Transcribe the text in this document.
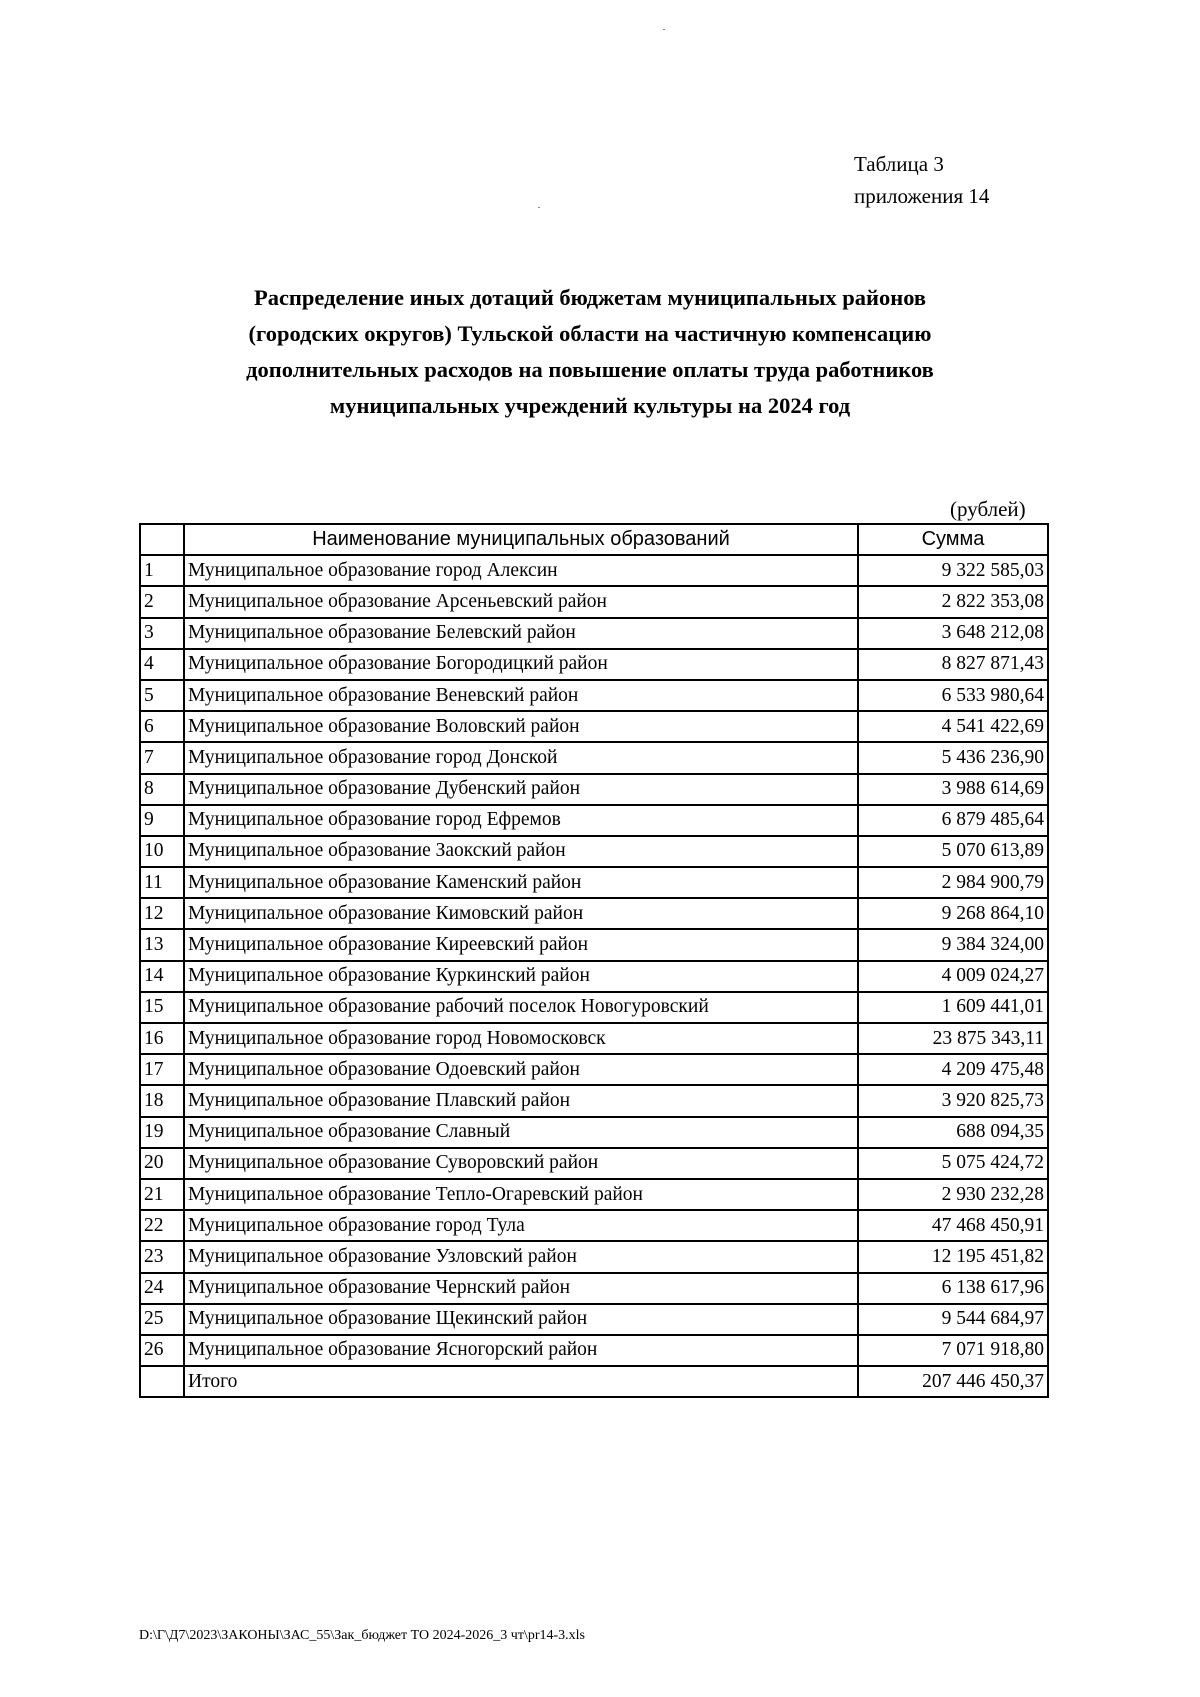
Таблица 3
приложения 14
Распределение иных дотаций бюджетам муниципальных районов
(городских округов) Тульской области на частичную компенсацию
дополнительных расходов на повышение оплаты труда работников
муниципальных учреждений культуры на 2024 год
(рублей)
	Наименование муниципальных образований	Сумма
1	Муниципальное образование город Алексин	9 322 585,03
2	Муниципальное образование Арсеньевский район	2 822 353,08
3	Муниципальное образование Белевский район	3 648 212,08
4	Муниципальное образование Богородицкий район	8 827 871,43
5	Муниципальное образование Веневский район	6 533 980,64
6	Муниципальное образование Воловский район	4 541 422,69
7	Муниципальное образование город Донской	5 436 236,90
8	Муниципальное образование Дубенский район	3 988 614,69
9	Муниципальное образование город Ефремов	6 879 485,64
10	Муниципальное образование Заокский район	5 070 613,89
11	Муниципальное образование Каменский район	2 984 900,79
12	Муниципальное образование Кимовский район	9 268 864,10
13	Муниципальное образование Киреевский район	9 384 324,00
14	Муниципальное образование Куркинский район	4 009 024,27
15	Муниципальное образование рабочий поселок Новогуровский	1 609 441,01
16	Муниципальное образование город Новомосковск	23 875 343,11
17	Муниципальное образование Одоевский район	4 209 475,48
18	Муниципальное образование Плавский район	3 920 825,73
19	Муниципальное образование Славный	688 094,35
20	Муниципальное образование Суворовский район	5 075 424,72
21	Муниципальное образование Тепло-Огаревский район	2 930 232,28
22	Муниципальное образование город Тула	47 468 450,91
23	Муниципальное образование Узловский район	12 195 451,82
24	Муниципальное образование Чернский район	6 138 617,96
25	Муниципальное образование Щекинский район	9 544 684,97
26	Муниципальное образование Ясногорский район	7 071 918,80
	Итого	207 446 450,37
D:\Г\Д7\2023\ЗАКОНЫ\ЗАС_55\Зак_бюджет ТО 2024-2026_3 чт\pr14-3.xls
